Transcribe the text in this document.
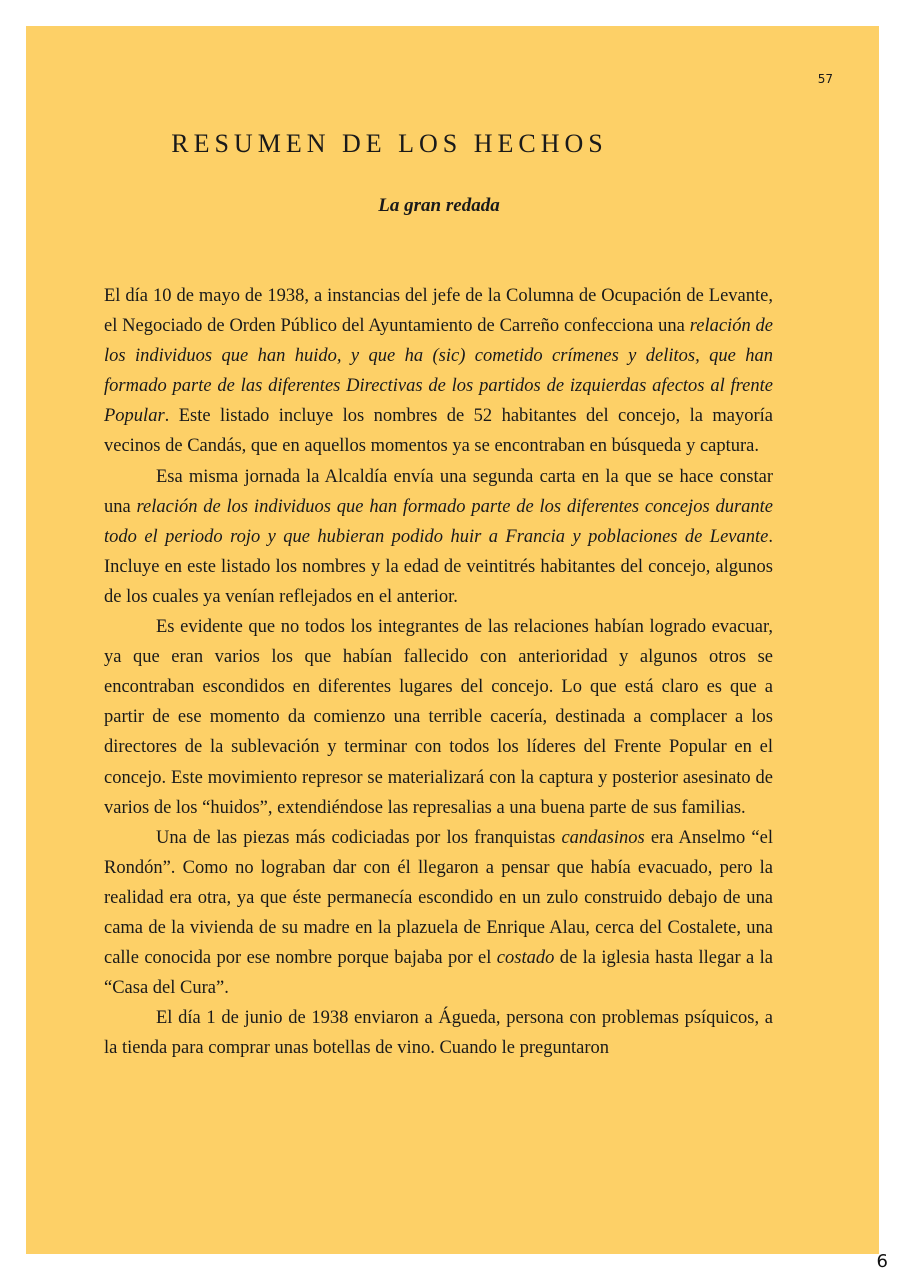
57
RESUMEN DE LOS HECHOS
La gran redada

El día 10 de mayo de 1938, a instancias del jefe de la Columna de Ocupación de Levante, el Negociado de Orden Público del Ayuntamiento de Carreño confecciona una relación de los individuos que han huido, y que ha (sic) cometido crímenes y delitos, que han formado parte de las diferentes Directivas de los partidos de izquierdas afectos al frente Popular. Este listado incluye los nombres de 52 habitantes del concejo, la mayoría vecinos de Candás, que en aquellos momentos ya se encontraban en búsqueda y captura.

Esa misma jornada la Alcaldía envía una segunda carta en la que se hace constar una relación de los individuos que han formado parte de los diferentes concejos durante todo el periodo rojo y que hubieran podido huir a Francia y poblaciones de Levante. Incluye en este listado los nombres y la edad de veintitrés habitantes del concejo, algunos de los cuales ya venían reflejados en el anterior.

Es evidente que no todos los integrantes de las relaciones habían logrado evacuar, ya que eran varios los que habían fallecido con anterioridad y algunos otros se encontraban escondidos en diferentes lugares del concejo. Lo que está claro es que a partir de ese momento da comienzo una terrible cacería, destinada a complacer a los directores de la sublevación y terminar con todos los líderes del Frente Popular en el concejo. Este movimiento represor se materializará con la captura y posterior asesinato de varios de los “huidos”, extendiéndose las represalias a una buena parte de sus familias.

Una de las piezas más codiciadas por los franquistas candasinos era Anselmo “el Rondón”. Como no lograban dar con él llegaron a pensar que había evacuado, pero la realidad era otra, ya que éste permanecía escondido en un zulo construido debajo de una cama de la vivienda de su madre en la plazuela de Enrique Alau, cerca del Costalete, una calle conocida por ese nombre porque bajaba por el costado de la iglesia hasta llegar a la “Casa del Cura”.

El día 1 de junio de 1938 enviaron a Águeda, persona con problemas psíquicos, a la tienda para comprar unas botellas de vino. Cuando le preguntaron

6
